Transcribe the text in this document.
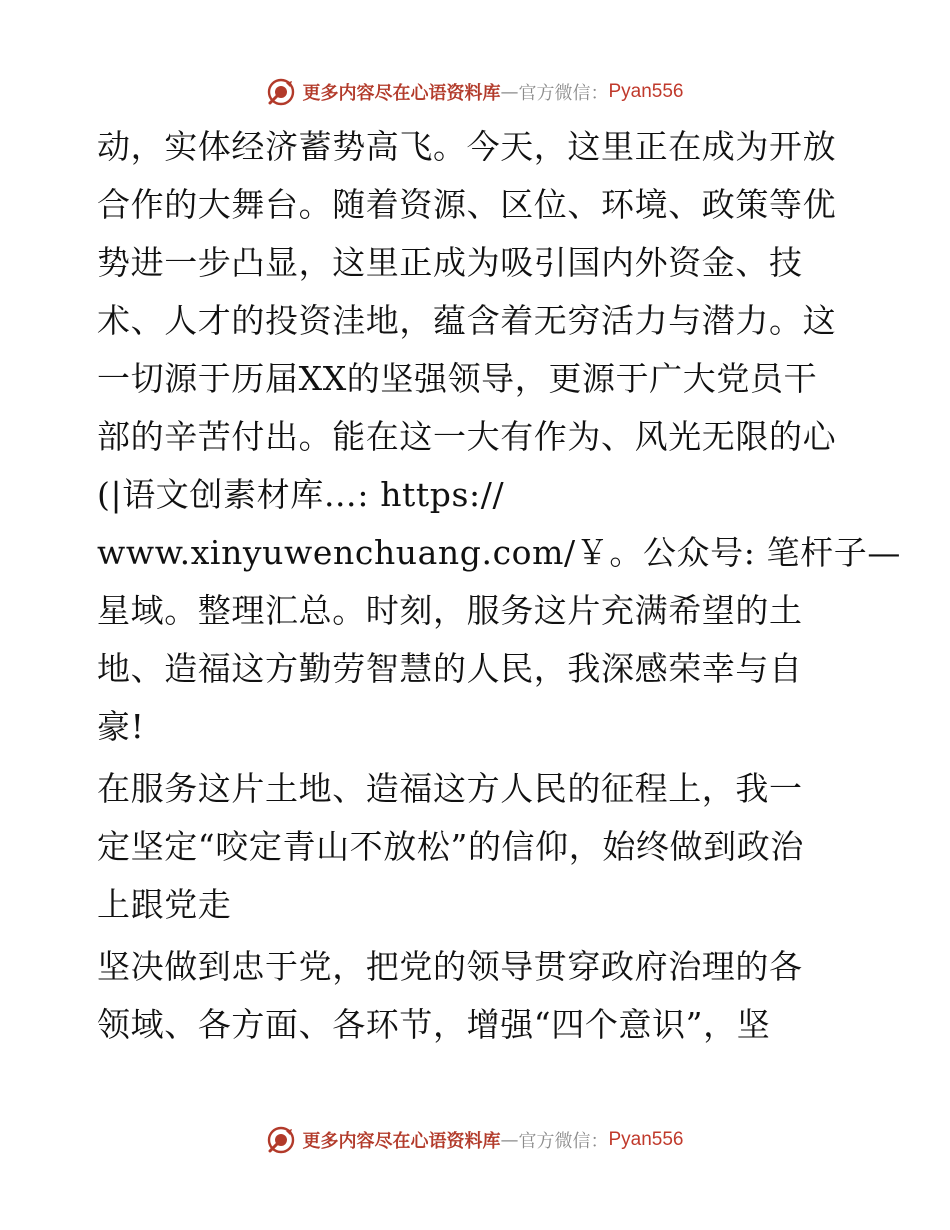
更多内容尽在心语资料库 — 官方微信： Pyan556
动，实体经济蓄势高飞。今天，这里正在成为开放
合作的大舞台。随着资源、区位、环境、政策等优
势进一步凸显，这里正成为吸引国内外资金、技
术、人才的投资洼地，蕴含着无穷活力与潜力。这
一切源于历届XX的坚强领导，更源于广大党员干
部的辛苦付出。能在这一大有作为、风光无限的心
(|语文创素材库…: https://
www.xinyuwenchuang.com/￥。公众号: 笔杆子—
星域。整理汇总。时刻，服务这片充满希望的土
地、造福这方勤劳智慧的人民，我深感荣幸与自
豪!
在服务这片土地、造福这方人民的征程上，我一
定坚定“咬定青山不放松”的信仰，始终做到政治
上跟党走
坚决做到忠于党，把党的领导贯穿政府治理的各
领域、各方面、各环节，增强“四个意识”，坚
更多内容尽在心语资料库 — 官方微信： Pyan556
